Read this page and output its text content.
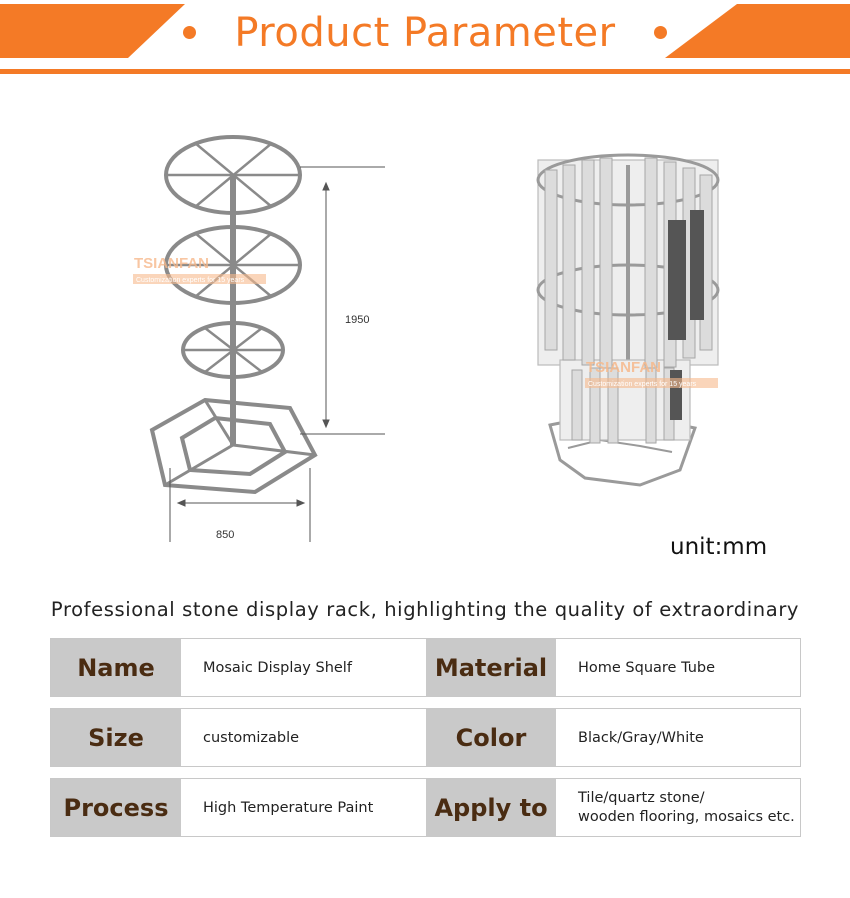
Product Parameter
1950
850
TSIANFAN
Customization experts for 15 years
TSIANFAN
Customization experts for 15 years
unit:mm
Professional stone display rack, highlighting the quality of extraordinary
Name	Mosaic Display Shelf	Material	Home Square Tube
Size	customizable	Color	Black/Gray/White
Process	High Temperature Paint	Apply to	Tile/quartz stone/
wooden flooring, mosaics etc.
